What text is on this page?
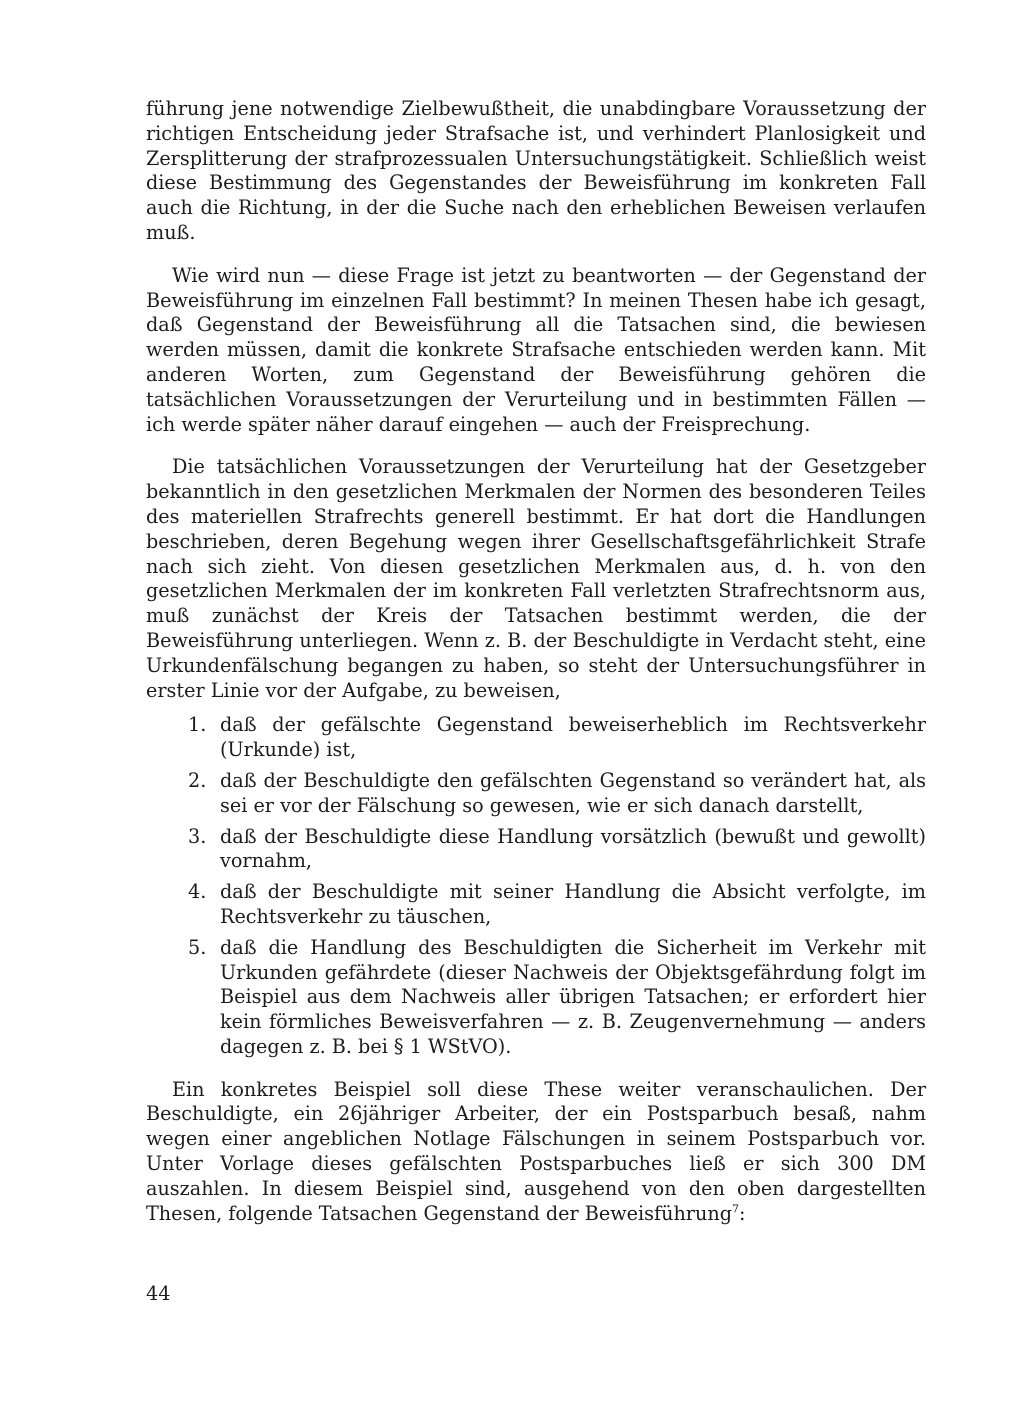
führung jene notwendige Zielbewußtheit, die unabdingbare Voraussetzung der richtigen Entscheidung jeder Strafsache ist, und verhindert Planlosigkeit und Zersplitterung der strafprozessualen Untersuchungstätigkeit. Schließlich weist diese Bestimmung des Gegenstandes der Beweisführung im konkreten Fall auch die Richtung, in der die Suche nach den erheblichen Beweisen verlaufen muß.

Wie wird nun — diese Frage ist jetzt zu beantworten — der Gegenstand der Beweisführung im einzelnen Fall bestimmt? In meinen Thesen habe ich gesagt, daß Gegenstand der Beweisführung all die Tatsachen sind, die bewiesen werden müssen, damit die konkrete Strafsache entschieden werden kann. Mit anderen Worten, zum Gegenstand der Beweisführung gehören die tatsächlichen Voraussetzungen der Verurteilung und in bestimmten Fällen — ich werde später näher darauf eingehen — auch der Freisprechung.

Die tatsächlichen Voraussetzungen der Verurteilung hat der Gesetzgeber bekanntlich in den gesetzlichen Merkmalen der Normen des besonderen Teiles des materiellen Strafrechts generell bestimmt. Er hat dort die Handlungen beschrieben, deren Begehung wegen ihrer Gesellschaftsgefährlichkeit Strafe nach sich zieht. Von diesen gesetzlichen Merkmalen aus, d. h. von den gesetzlichen Merkmalen der im konkreten Fall verletzten Strafrechtsnorm aus, muß zunächst der Kreis der Tatsachen bestimmt werden, die der Beweisführung unterliegen. Wenn z. B. der Beschuldigte in Verdacht steht, eine Urkundenfälschung begangen zu haben, so steht der Untersuchungsführer in erster Linie vor der Aufgabe, zu beweisen,

1. daß der gefälschte Gegenstand beweiserheblich im Rechtsverkehr (Urkunde) ist,
2. daß der Beschuldigte den gefälschten Gegenstand so verändert hat, als sei er vor der Fälschung so gewesen, wie er sich danach darstellt,
3. daß der Beschuldigte diese Handlung vorsätzlich (bewußt und gewollt) vornahm,
4. daß der Beschuldigte mit seiner Handlung die Absicht verfolgte, im Rechtsverkehr zu täuschen,
5. daß die Handlung des Beschuldigten die Sicherheit im Verkehr mit Urkunden gefährdete (dieser Nachweis der Objektsgefährdung folgt im Beispiel aus dem Nachweis aller übrigen Tatsachen; er erfordert hier kein förmliches Beweisverfahren — z. B. Zeugenvernehmung — anders dagegen z. B. bei § 1 WStVO).

Ein konkretes Beispiel soll diese These weiter veranschaulichen. Der Beschuldigte, ein 26jähriger Arbeiter, der ein Postsparbuch besaß, nahm wegen einer angeblichen Notlage Fälschungen in seinem Postsparbuch vor. Unter Vorlage dieses gefälschten Postsparbuches ließ er sich 300 DM auszahlen. In diesem Beispiel sind, ausgehend von den oben dargestellten Thesen, folgende Tatsachen Gegenstand der Beweisführung$^7$:

44
